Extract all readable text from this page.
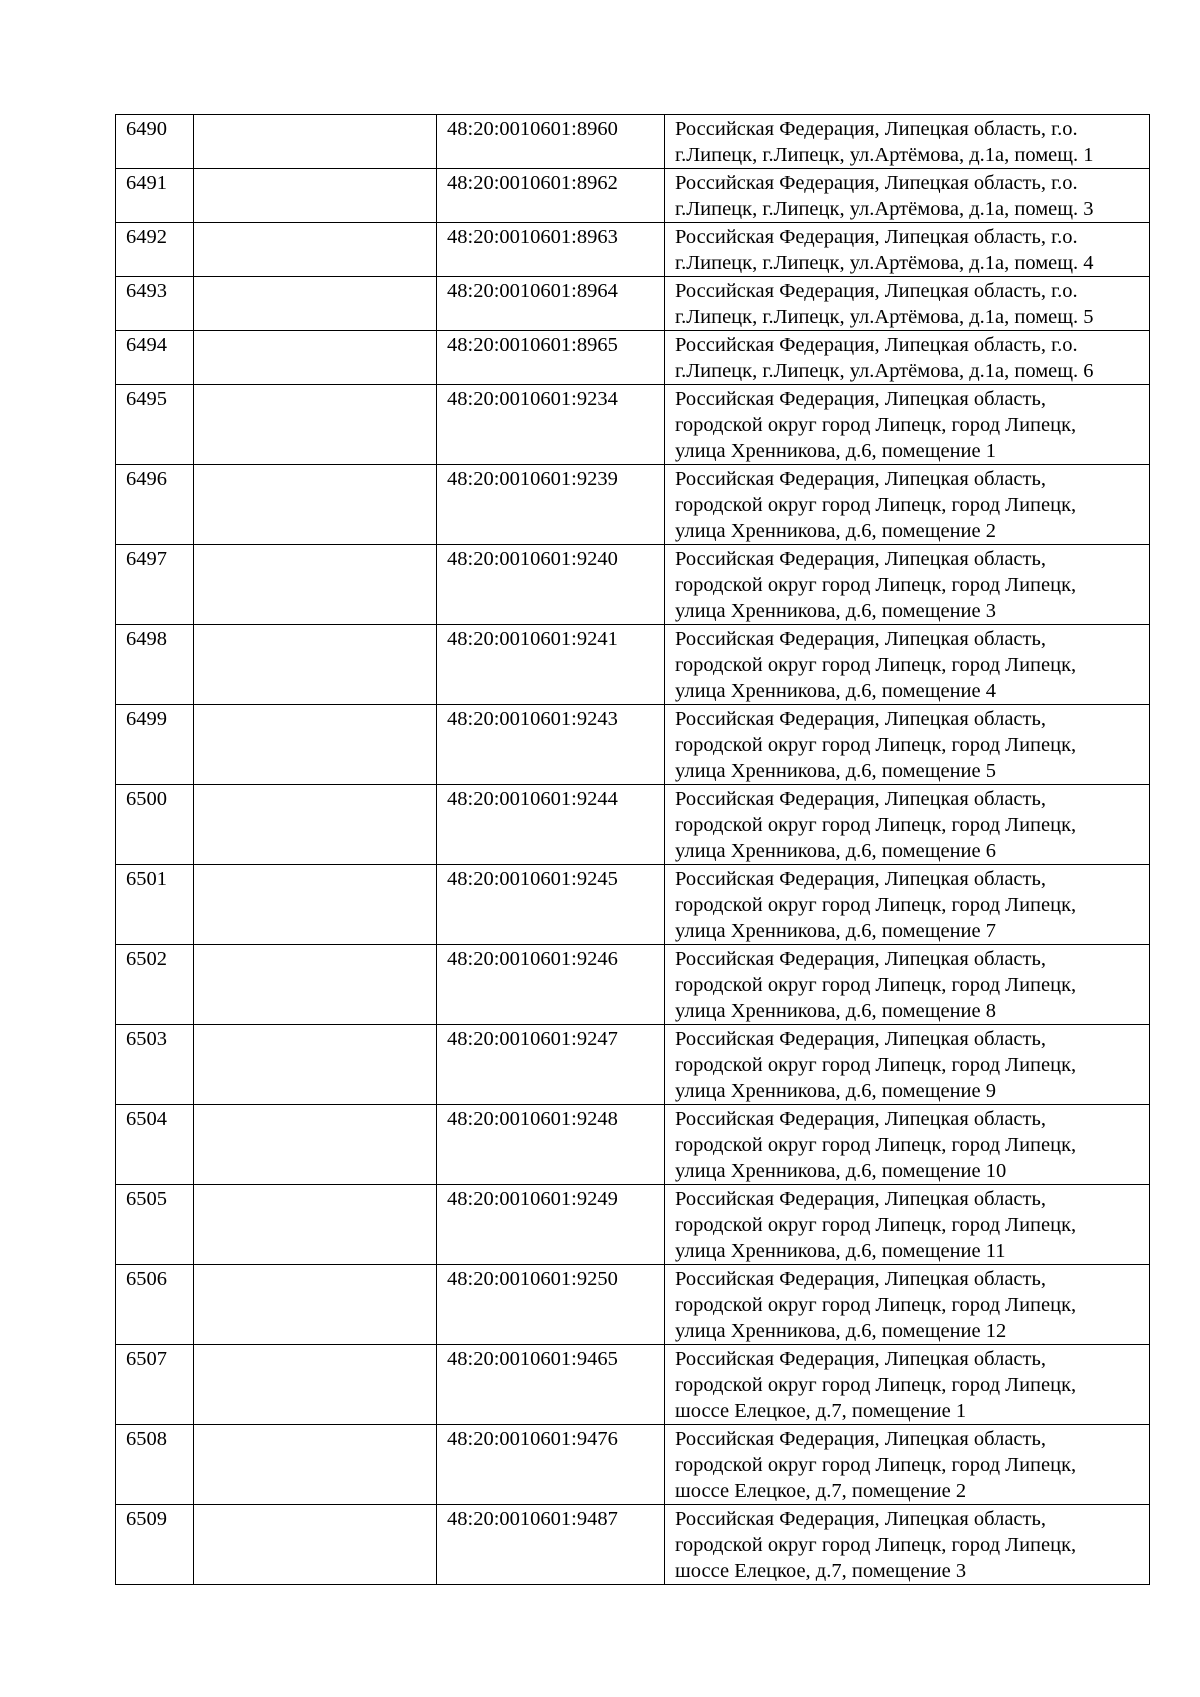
6490		48:20:0010601:8960	Российская Федерация, Липецкая область, г.о.
г.Липецк, г.Липецк, ул.Артёмова, д.1а, помещ. 1

6491		48:20:0010601:8962	Российская Федерация, Липецкая область, г.о.
г.Липецк, г.Липецк, ул.Артёмова, д.1а, помещ. 3

6492		48:20:0010601:8963	Российская Федерация, Липецкая область, г.о.
г.Липецк, г.Липецк, ул.Артёмова, д.1а, помещ. 4

6493		48:20:0010601:8964	Российская Федерация, Липецкая область, г.о.
г.Липецк, г.Липецк, ул.Артёмова, д.1а, помещ. 5

6494		48:20:0010601:8965	Российская Федерация, Липецкая область, г.о.
г.Липецк, г.Липецк, ул.Артёмова, д.1а, помещ. 6

6495		48:20:0010601:9234	Российская Федерация, Липецкая область,
городской округ город Липецк, город Липецк,
улица Хренникова, д.6, помещение 1

6496		48:20:0010601:9239	Российская Федерация, Липецкая область,
городской округ город Липецк, город Липецк,
улица Хренникова, д.6, помещение 2

6497		48:20:0010601:9240	Российская Федерация, Липецкая область,
городской округ город Липецк, город Липецк,
улица Хренникова, д.6, помещение 3

6498		48:20:0010601:9241	Российская Федерация, Липецкая область,
городской округ город Липецк, город Липецк,
улица Хренникова, д.6, помещение 4

6499		48:20:0010601:9243	Российская Федерация, Липецкая область,
городской округ город Липецк, город Липецк,
улица Хренникова, д.6, помещение 5

6500		48:20:0010601:9244	Российская Федерация, Липецкая область,
городской округ город Липецк, город Липецк,
улица Хренникова, д.6, помещение 6

6501		48:20:0010601:9245	Российская Федерация, Липецкая область,
городской округ город Липецк, город Липецк,
улица Хренникова, д.6, помещение 7

6502		48:20:0010601:9246	Российская Федерация, Липецкая область,
городской округ город Липецк, город Липецк,
улица Хренникова, д.6, помещение 8

6503		48:20:0010601:9247	Российская Федерация, Липецкая область,
городской округ город Липецк, город Липецк,
улица Хренникова, д.6, помещение 9

6504		48:20:0010601:9248	Российская Федерация, Липецкая область,
городской округ город Липецк, город Липецк,
улица Хренникова, д.6, помещение 10

6505		48:20:0010601:9249	Российская Федерация, Липецкая область,
городской округ город Липецк, город Липецк,
улица Хренникова, д.6, помещение 11

6506		48:20:0010601:9250	Российская Федерация, Липецкая область,
городской округ город Липецк, город Липецк,
улица Хренникова, д.6, помещение 12

6507		48:20:0010601:9465	Российская Федерация, Липецкая область,
городской округ город Липецк, город Липецк,
шоссе Елецкое, д.7, помещение 1

6508		48:20:0010601:9476	Российская Федерация, Липецкая область,
городской округ город Липецк, город Липецк,
шоссе Елецкое, д.7, помещение 2

6509		48:20:0010601:9487	Российская Федерация, Липецкая область,
городской округ город Липецк, город Липецк,
шоссе Елецкое, д.7, помещение 3
